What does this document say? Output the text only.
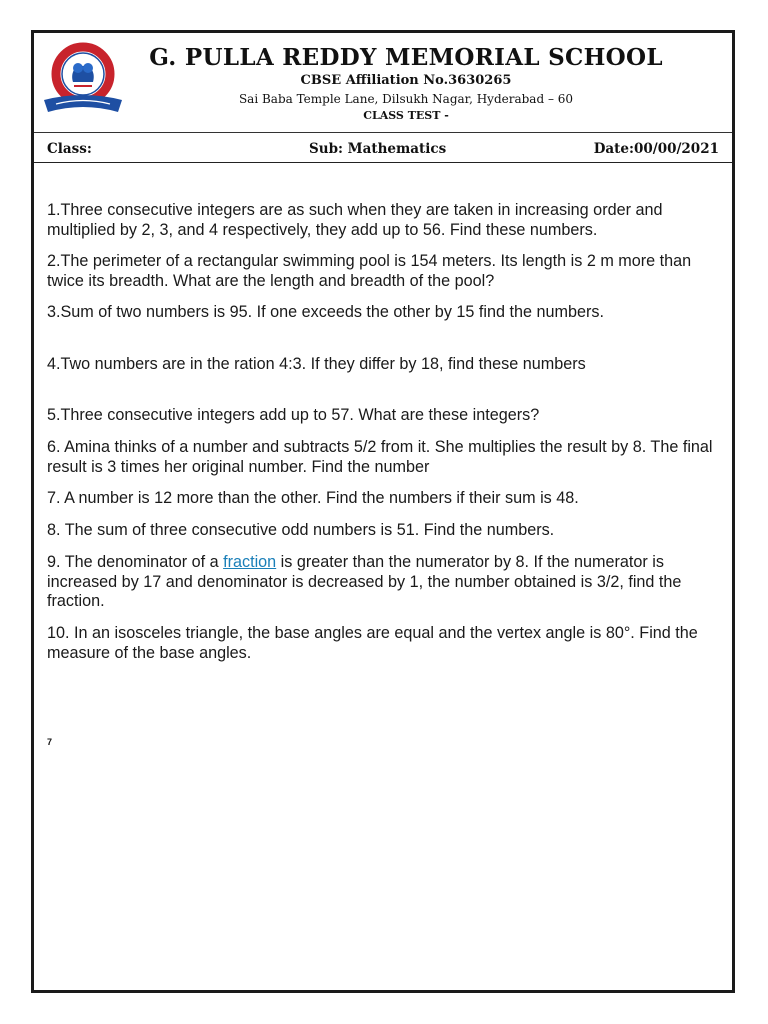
G. PULLA REDDY MEMORIAL SCHOOL
CBSE Affiliation No.3630265
Sai Baba Temple Lane, Dilsukh Nagar, Hyderabad – 60
CLASS TEST -
Class:	Sub: Mathematics	Date:00/00/2021
1.Three consecutive integers are as such when they are taken in increasing order and multiplied by 2, 3, and 4 respectively, they add up to 56. Find these numbers.
2.The perimeter of a rectangular swimming pool is 154 meters. Its length is 2 m more than twice its breadth. What are the length and breadth of the pool?
3.Sum of two numbers is 95. If one exceeds the other by 15 find the numbers.
4.Two numbers are in the ration 4:3. If they differ by 18, find these numbers
5.Three consecutive integers add up to 57. What are these integers?
6. Amina thinks of a number and subtracts 5/2 from it. She multiplies the result by 8. The final result is 3 times her original number. Find the number
7. A number is 12 more than the other. Find the numbers if their sum is 48.
8. The sum of three consecutive odd numbers is 51. Find the numbers.
9. The denominator of a fraction is greater than the numerator by 8. If the numerator is increased by 17 and denominator is decreased by 1, the number obtained is 3/2, find the fraction.
10. In an isosceles triangle, the base angles are equal and the vertex angle is 80°. Find the measure of the base angles.
7
